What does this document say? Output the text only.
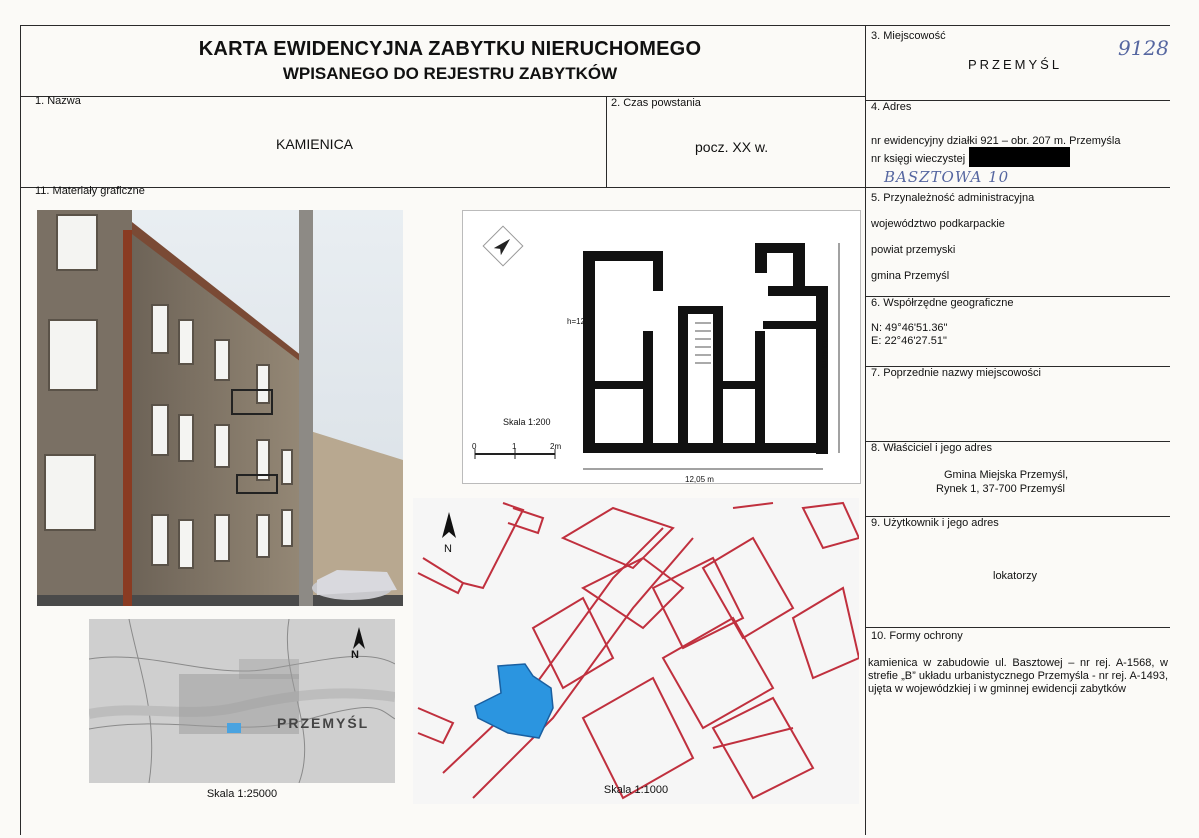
KARTA EWIDENCYJNA ZABYTKU NIERUCHOMEGO
WPISANEGO DO REJESTRU ZABYTKÓW
1. Nazwa
KAMIENICA
2. Czas powstania
pocz. XX w.
3. Miejscowość
PRZEMYŚL
9128
4. Adres
nr ewidencyjny działki 921 – obr. 207 m. Przemyśla
nr księgi wieczystej
BASZTOWA 10
5. Przynależność administracyjna
województwo podkarpackie
powiat przemyski
gmina Przemyśl
6. Współrzędne geograficzne
N: 49°46'51.36"
E: 22°46'27.51"
7. Poprzednie nazwy miejscowości
8. Właściciel i jego adres
Gmina Miejska Przemyśl,
Rynek 1, 37-700 Przemyśl
9. Użytkownik i jego adres
lokatorzy
10. Formy ochrony
kamienica w zabudowie ul. Basztowej – nr rej. A-1568, w strefie „B” układu urbanistycznego Przemyśla - nr rej. A-1493, ujęta w wojewódzkiej i w gminnej ewidencji zabytków
11. Materiały graficzne
h=12
Skala 1:200
0	1	2m
12,05 m
10,40 m
N
PRZEMYŚL
Skala 1:25000
N
Skala 1:1000
